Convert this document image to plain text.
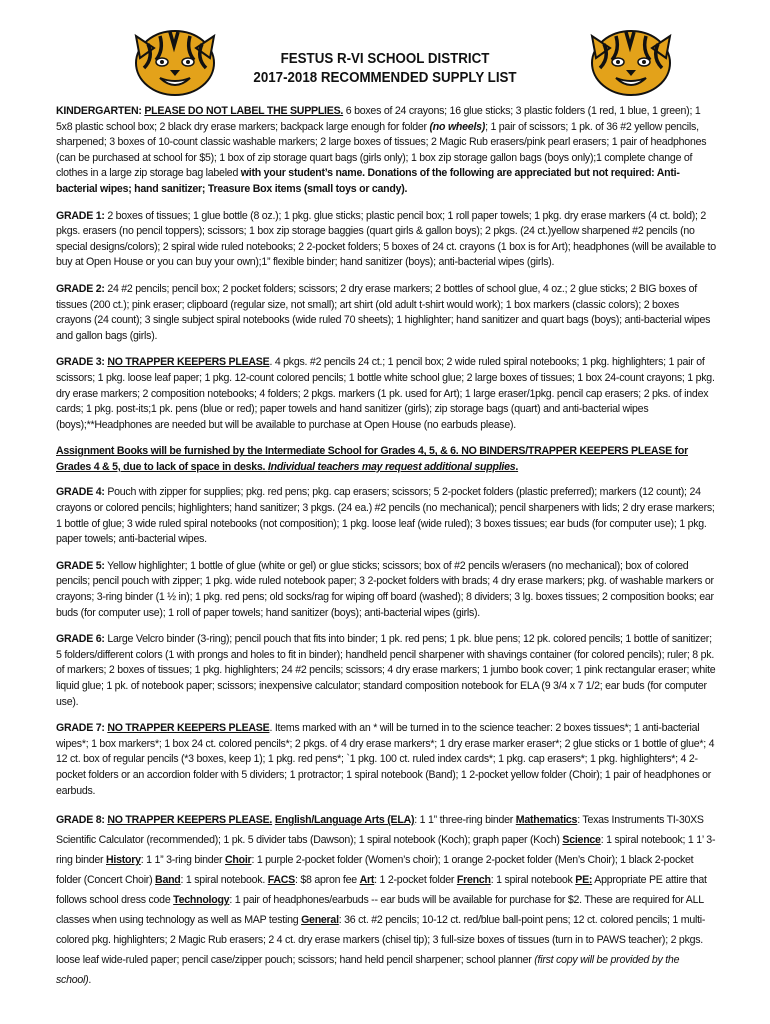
FESTUS R-VI SCHOOL DISTRICT
2017-2018 RECOMMENDED SUPPLY LIST

KINDERGARTEN: PLEASE DO NOT LABEL THE SUPPLIES. 6 boxes of 24 crayons; 16 glue sticks; 3 plastic folders (1 red, 1 blue, 1 green); 1 5x8 plastic school box; 2 black dry erase markers; backpack large enough for folder (no wheels); 1 pair of scissors; 1 pk. of 36 #2 yellow pencils, sharpened; 3 boxes of 10-count classic washable markers; 2 large boxes of tissues; 2 Magic Rub erasers/pink pearl erasers; 1 pair of headphones (can be purchased at school for $5); 1 box of zip storage quart bags (girls only); 1 box zip storage gallon bags (boys only);1 complete change of clothes in a large zip storage bag labeled with your student’s name. Donations of the following are appreciated but not required: Anti-bacterial wipes; hand sanitizer; Treasure Box items (small toys or candy).

GRADE 1: 2 boxes of tissues; 1 glue bottle (8 oz.); 1 pkg. glue sticks; plastic pencil box; 1 roll paper towels; 1 pkg. dry erase markers (4 ct. bold); 2 pkgs. erasers (no pencil toppers); scissors; 1 box zip storage baggies (quart girls & gallon boys); 2 pkgs. (24 ct.)yellow sharpened #2 pencils (no special designs/colors); 2 spiral wide ruled notebooks; 2 2-pocket folders; 5 boxes of 24 ct. crayons (1 box is for Art); headphones (will be available to buy at Open House or you can buy your own);1” flexible binder; hand sanitizer (boys); anti-bacterial wipes (girls).

GRADE 2: 24 #2 pencils; pencil box; 2 pocket folders; scissors; 2 dry erase markers; 2 bottles of school glue, 4 oz.; 2 glue sticks; 2 BIG boxes of tissues (200 ct.); pink eraser; clipboard (regular size, not small); art shirt (old adult t-shirt would work); 1 box markers (classic colors); 2 boxes crayons (24 count); 3 single subject spiral notebooks (wide ruled 70 sheets); 1 highlighter; hand sanitizer and quart bags (boys); anti-bacterial wipes and gallon bags (girls).

GRADE 3: NO TRAPPER KEEPERS PLEASE. 4 pkgs. #2 pencils 24 ct.; 1 pencil box; 2 wide ruled spiral notebooks; 1 pkg. highlighters; 1 pair of scissors; 1 pkg. loose leaf paper; 1 pkg. 12-count colored pencils; 1 bottle white school glue; 2 large boxes of tissues; 1 box 24-count crayons; 1 pkg. dry erase markers; 2 composition notebooks; 4 folders; 2 pkgs. markers (1 pk. used for Art); 1 large eraser/1pkg. pencil cap erasers; 2 pks. of index cards; 1 pkg. post-its;1 pk. pens (blue or red); paper towels and hand sanitizer (girls); zip storage bags (quart) and anti-bacterial wipes (boys);**Headphones are needed but will be available to purchase at Open House (no earbuds please).

Assignment Books will be furnished by the Intermediate School for Grades 4, 5, & 6. NO BINDERS/TRAPPER KEEPERS PLEASE for Grades 4 & 5, due to lack of space in desks. Individual teachers may request additional supplies.

GRADE 4: Pouch with zipper for supplies; pkg. red pens; pkg. cap erasers; scissors; 5 2-pocket folders (plastic preferred); markers (12 count); 24 crayons or colored pencils; highlighters; hand sanitizer; 3 pkgs. (24 ea.) #2 pencils (no mechanical); pencil sharpeners with lids; 2 dry erase markers; 1 bottle of glue; 3 wide ruled spiral notebooks (not composition); 1 pkg. loose leaf (wide ruled); 3 boxes tissues; ear buds (for computer use); 1 pkg. paper towels; anti-bacterial wipes.

GRADE 5: Yellow highlighter; 1 bottle of glue (white or gel) or glue sticks; scissors; box of #2 pencils w/erasers (no mechanical); box of colored pencils; pencil pouch with zipper; 1 pkg. wide ruled notebook paper; 3 2-pocket folders with brads; 4 dry erase markers; pkg. of washable markers or crayons; 3-ring binder (1 ½ in); 1 pkg. red pens; old socks/rag for wiping off board (washed); 8 dividers; 3 lg. boxes tissues; 2 composition books; ear buds (for computer use); 1 roll of paper towels; hand sanitizer (boys); anti-bacterial wipes (girls).

GRADE 6: Large Velcro binder (3-ring); pencil pouch that fits into binder; 1 pk. red pens; 1 pk. blue pens; 12 pk. colored pencils; 1 bottle of sanitizer; 5 folders/different colors (1 with prongs and holes to fit in binder); handheld pencil sharpener with shavings container (for colored pencils); ruler; 8 pk. of markers; 2 boxes of tissues; 1 pkg. highlighters; 24 #2 pencils; scissors; 4 dry erase markers; 1 jumbo book cover; 1 pink rectangular eraser; white liquid glue; 1 pk. of notebook paper; scissors; inexpensive calculator; standard composition notebook for ELA (9 3/4 x 7 1/2; ear buds (for computer use).

GRADE 7: NO TRAPPER KEEPERS PLEASE. Items marked with an * will be turned in to the science teacher: 2 boxes tissues*; 1 anti-bacterial wipes*; 1 box markers*; 1 box 24 ct. colored pencils*; 2 pkgs. of 4 dry erase markers*; 1 dry erase marker eraser*; 2 glue sticks or 1 bottle of glue*; 4 12 ct. box of regular pencils (*3 boxes, keep 1); 1 pkg. red pens*; `1 pkg. 100 ct. ruled index cards*; 1 pkg. cap erasers*; 1 pkg. highlighters*; 4 2-pocket folders or an accordion folder with 5 dividers; 1 protractor; 1 spiral notebook (Band); 1 2-pocket yellow folder (Choir); 1 pair of headphones or earbuds.

GRADE 8: NO TRAPPER KEEPERS PLEASE. English/Language Arts (ELA): 1 1” three-ring binder Mathematics: Texas Instruments TI-30XS Scientific Calculator (recommended); 1 pk. 5 divider tabs (Dawson); 1 spiral notebook (Koch); graph paper (Koch) Science: 1 spiral notebook; 1 1’ 3-ring binder History: 1 1” 3-ring binder Choir: 1 purple 2-pocket folder (Women’s choir); 1 orange 2-pocket folder (Men’s Choir); 1 black 2-pocket folder (Concert Choir) Band: 1 spiral notebook. FACS: $8 apron fee Art: 1 2-pocket folder French: 1 spiral notebook PE: Appropriate PE attire that follows school dress code Technology: 1 pair of headphones/earbuds -- ear buds will be available for purchase for $2. These are required for ALL classes when using technology as well as MAP testing General: 36 ct. #2 pencils; 10-12 ct. red/blue ball-point pens; 12 ct. colored pencils; 1 multi-colored pkg. highlighters; 2 Magic Rub erasers; 2 4 ct. dry erase markers (chisel tip); 3 full-size boxes of tissues (turn in to PAWS teacher); 2 pkgs. loose leaf wide-ruled paper; pencil case/zipper pouch; scissors; hand held pencil sharpener; school planner (first copy will be provided by the school).
